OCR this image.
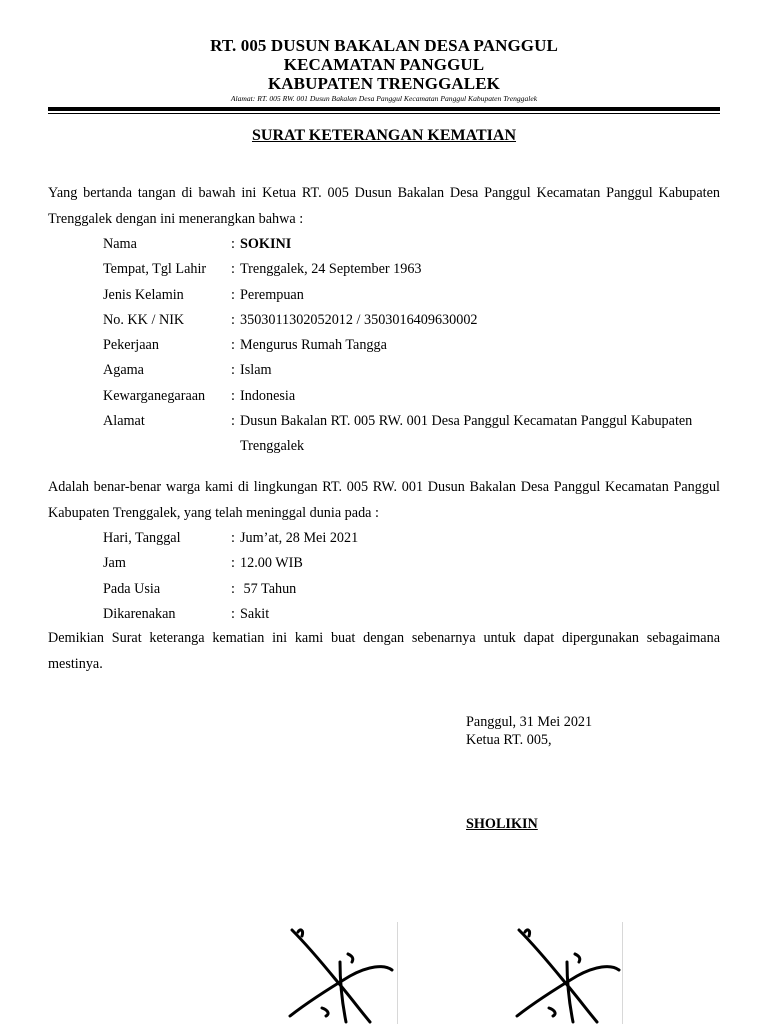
RT. 005 DUSUN BAKALAN DESA PANGGUL
KECAMATAN PANGGUL
KABUPATEN TRENGGALEK
Alamat: RT. 005 RW. 001 Dusun Bakalan Desa Panggul Kecamatan Panggul Kabupaten Trenggalek
SURAT KETERANGAN KEMATIAN
Yang bertanda tangan di bawah ini Ketua RT. 005 Dusun Bakalan Desa Panggul Kecamatan Panggul Kabupaten Trenggalek dengan ini menerangkan bahwa :
Nama	: SOKINI
Tempat, Tgl Lahir : Trenggalek, 24 September 1963
Jenis Kelamin	: Perempuan
No. KK / NIK	: 3503011302052012 / 3503016409630002
Pekerjaan	: Mengurus Rumah Tangga
Agama	: Islam
Kewarganegaraan : Indonesia
Alamat	: Dusun Bakalan RT. 005 RW. 001 Desa Panggul Kecamatan Panggul Kabupaten Trenggalek
Adalah benar-benar warga kami di lingkungan RT. 005 RW. 001 Dusun Bakalan Desa Panggul Kecamatan Panggul Kabupaten Trenggalek, yang telah meninggal dunia pada :
Hari, Tanggal	: Jum’at, 28 Mei 2021
Jam	: 12.00 WIB
Pada Usia	: 57 Tahun
Dikarenakan	: Sakit
Demikian Surat keteranga kematian ini kami buat dengan sebenarnya untuk dapat dipergunakan sebagaimana mestinya.
Panggul, 31 Mei 2021
Ketua RT. 005,
SHOLIKIN
